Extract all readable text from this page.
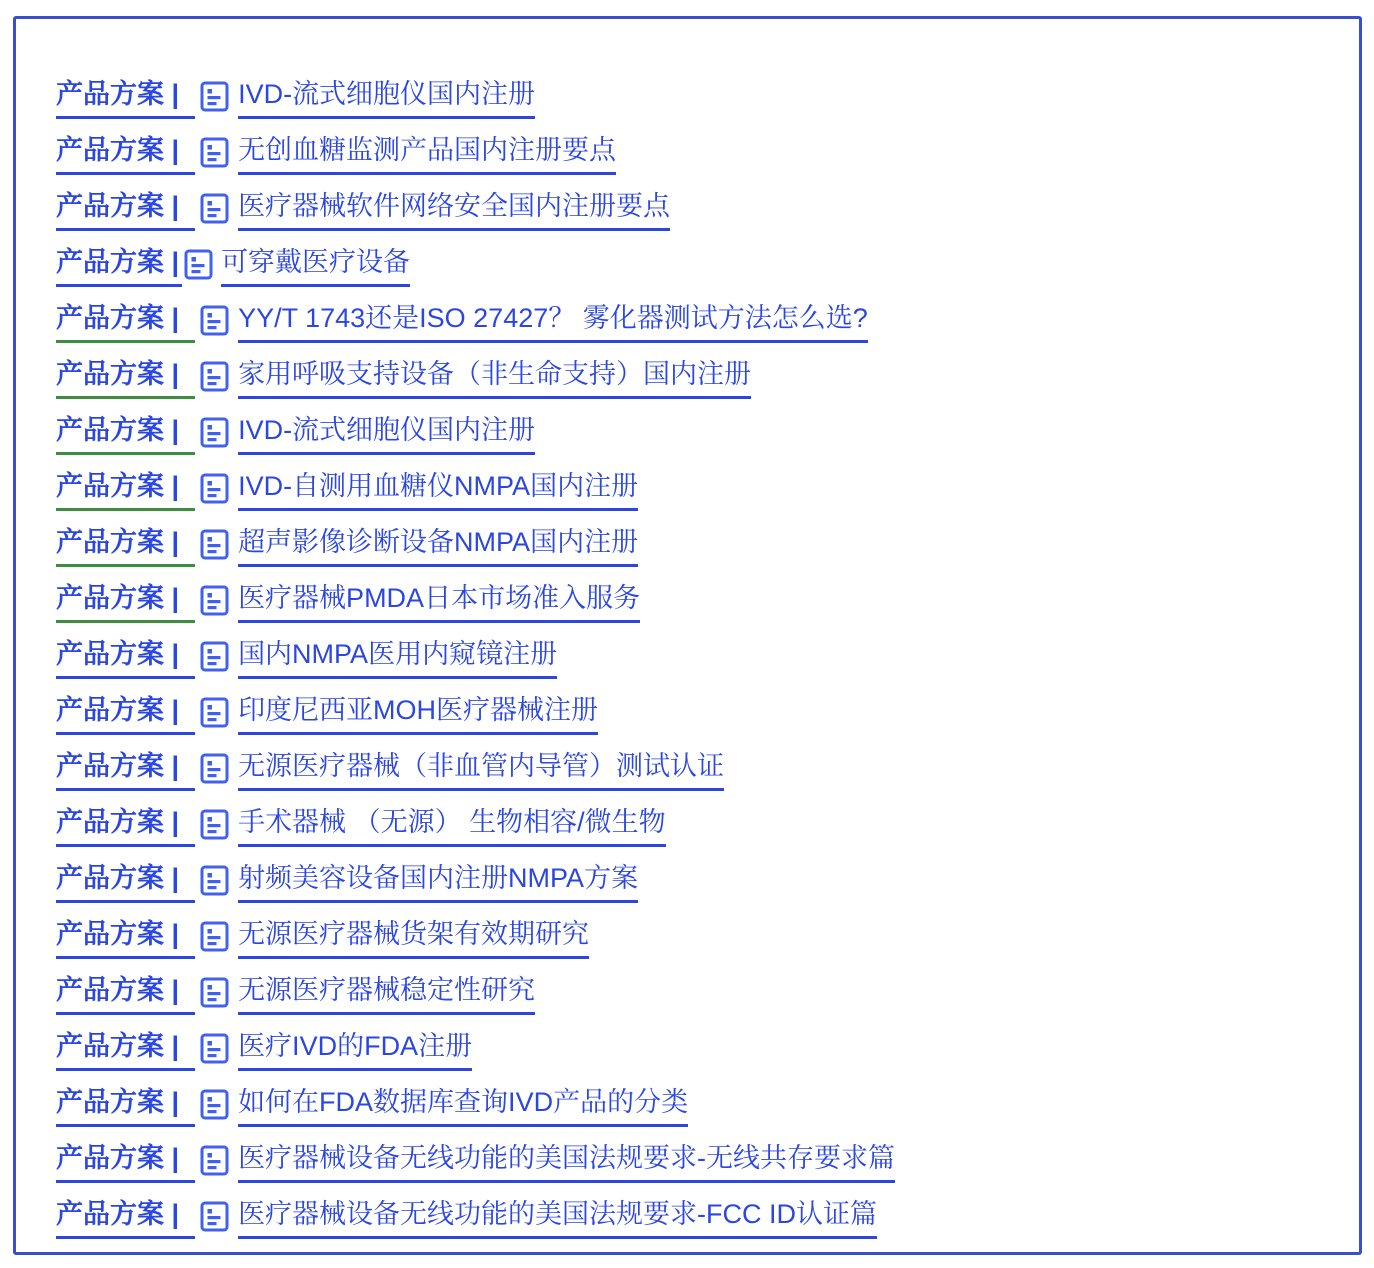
产品方案 |	IVD-流式细胞仪国内注册
产品方案 |	无创血糖监测产品国内注册要点
产品方案 |	医疗器械软件网络安全国内注册要点
产品方案 | 可穿戴医疗设备
产品方案 |	YY/T 1743还是ISO 27427？ 雾化器测试方法怎么选?
产品方案 |	家用呼吸支持设备（非生命支持）国内注册
产品方案 |	IVD-流式细胞仪国内注册
产品方案 |	IVD-自测用血糖仪NMPA国内注册
产品方案 |	超声影像诊断设备NMPA国内注册
产品方案 |	医疗器械PMDA日本市场准入服务
产品方案 |	国内NMPA医用内窥镜注册
产品方案 |	印度尼西亚MOH医疗器械注册
产品方案 |	无源医疗器械（非血管内导管）测试认证
产品方案 |	手术器械 （无源） 生物相容/微生物
产品方案 |	射频美容设备国内注册NMPA方案
产品方案 |	无源医疗器械货架有效期研究
产品方案 |	无源医疗器械稳定性研究
产品方案 |	医疗IVD的FDA注册
产品方案 |	如何在FDA数据库查询IVD产品的分类
产品方案 |	医疗器械设备无线功能的美国法规要求-无线共存要求篇
产品方案 |	医疗器械设备无线功能的美国法规要求-FCC ID认证篇
